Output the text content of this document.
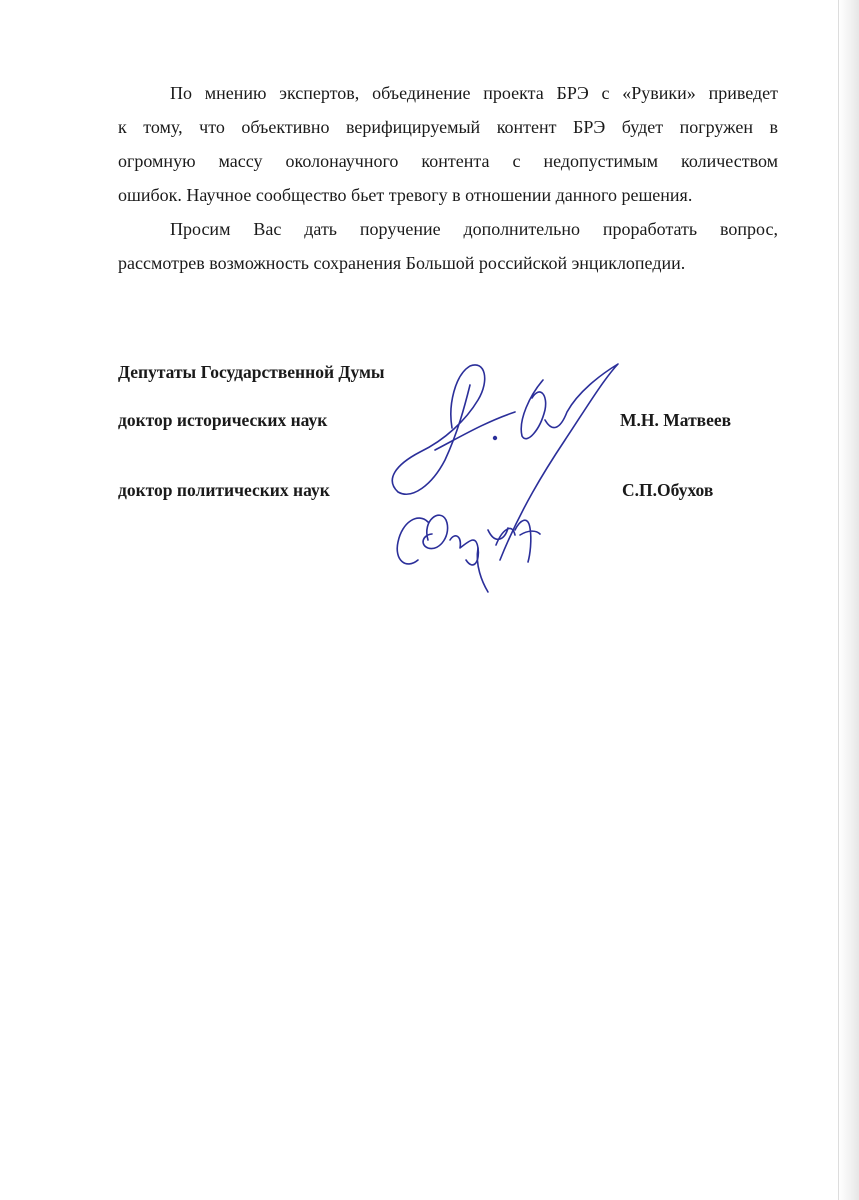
По мнению экспертов, объединение проекта БРЭ с «Рувики» приведет
к тому, что объективно верифицируемый контент БРЭ будет погружен в
огромную массу околонаучного контента с недопустимым количеством
ошибок. Научное сообщество бьет тревогу в отношении данного решения.
Просим Вас дать поручение дополнительно проработать вопрос,
рассмотрев возможность сохранения Большой российской энциклопедии.
Депутаты Государственной Думы
доктор исторических наук	М.Н. Матвеев
доктор политических наук	С.П.Обухов
